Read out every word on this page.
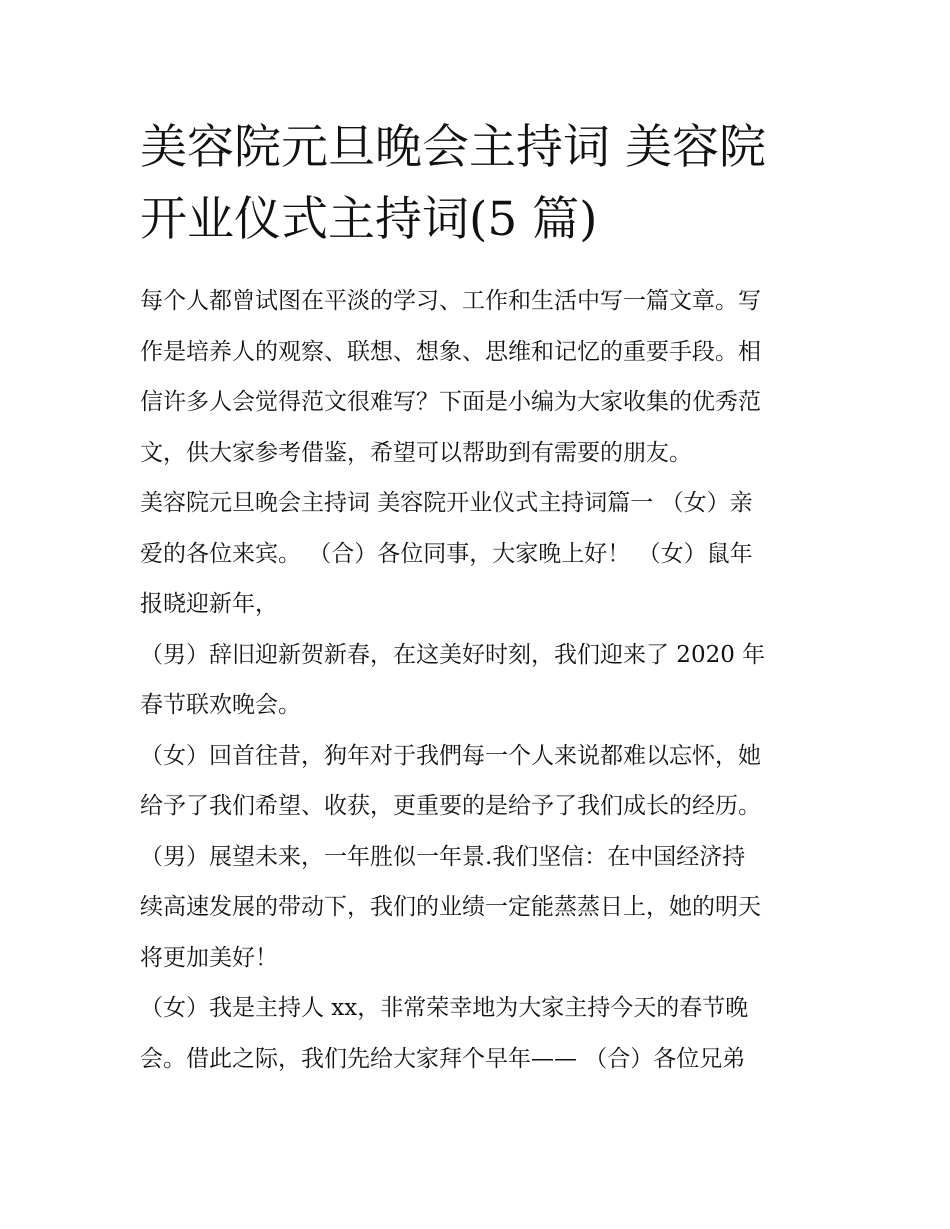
美容院元旦晚会主持词 美容院
开业仪式主持词(5 篇)
每个人都曾试图在平淡的学习、工作和生活中写一篇文章。写
作是培养人的观察、联想、想象、思维和记忆的重要手段。相
信许多人会觉得范文很难写？下面是小编为大家收集的优秀范
文，供大家参考借鉴，希望可以帮助到有需要的朋友。
美容院元旦晚会主持词 美容院开业仪式主持词篇一 （女）亲
爱的各位来宾。 （合）各位同事，大家晚上好！ （女）鼠年
报晓迎新年，
（男）辞旧迎新贺新春，在这美好时刻，我们迎来了 2020 年
春节联欢晚会。
（女）回首往昔，狗年对于我們每一个人来说都难以忘怀，她
给予了我们希望、收获，更重要的是给予了我们成长的经历。
（男）展望未来，一年胜似一年景.我们坚信：在中国经济持
续高速发展的带动下，我们的业绩一定能蒸蒸日上，她的明天
将更加美好！
（女）我是主持人 xx，非常荣幸地为大家主持今天的春节晚
会。借此之际，我们先给大家拜个早年—— （合）各位兄弟
